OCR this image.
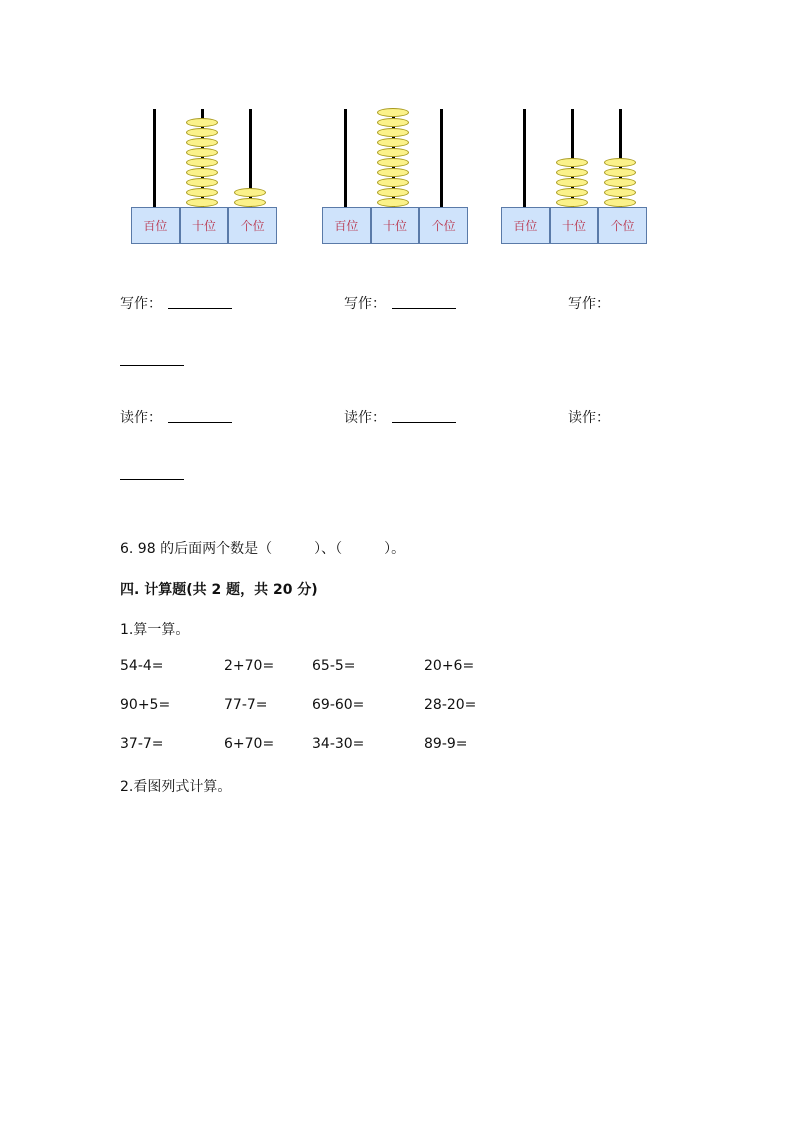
百位	十位	个位	百位	十位	个位	百位	十位	个位
写作：	写作：	写作：
读作：	读作：	读作：
6. 98 的后面两个数是（　　　）、（　　　）。
四. 计算题(共 2 题，共 20 分)
1.算一算。
54-4=	2+70=	65-5=	20+6=
90+5=	77-7=	69-60=	28-20=
37-7=	6+70=	34-30=	89-9=
2.看图列式计算。
